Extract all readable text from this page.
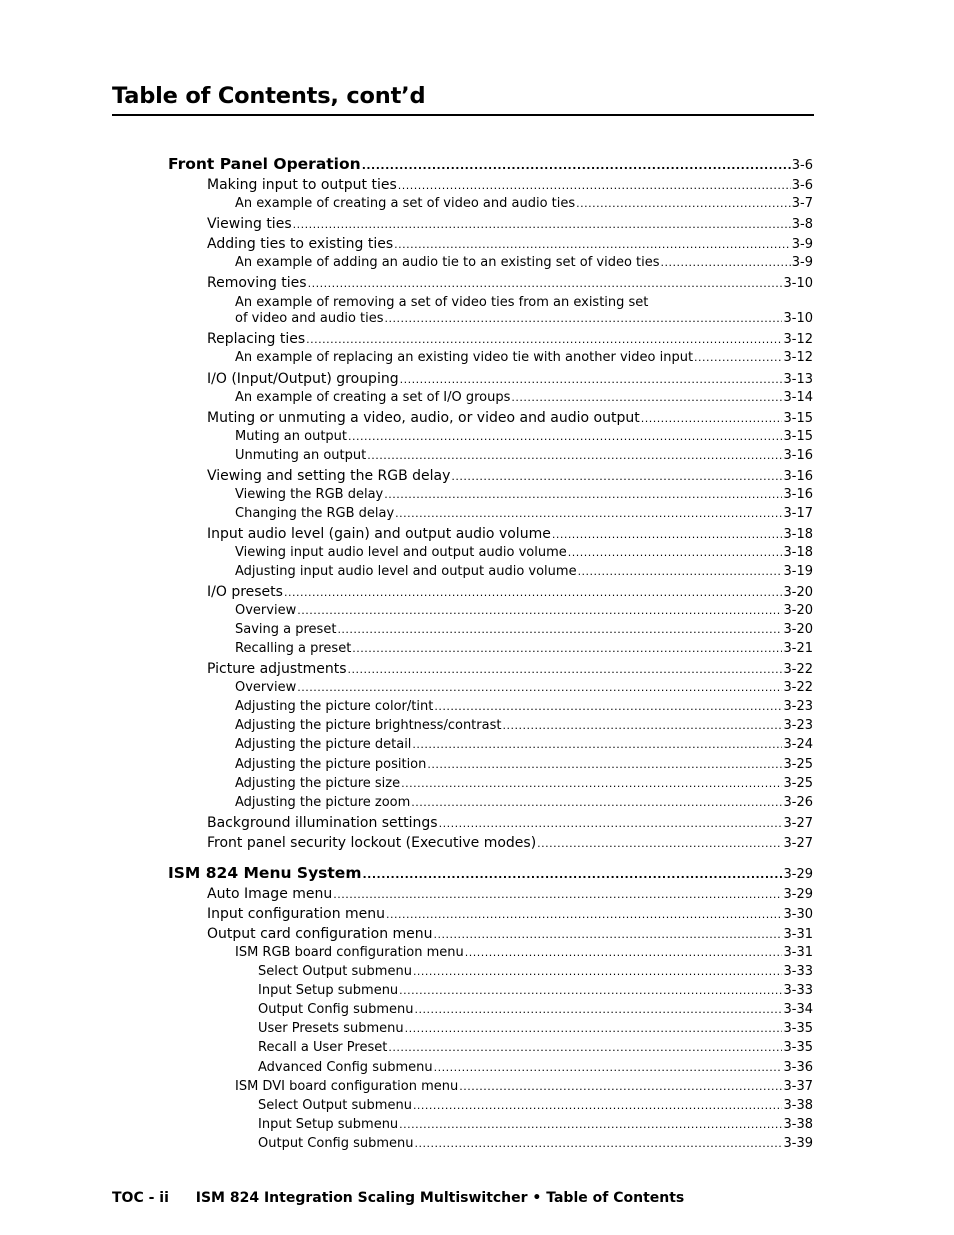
Table of Contents, cont’d
Front Panel Operation .....	3-6
Making input to output ties .....	3-6
An example of creating a set of video and audio ties .....	3-7
Viewing ties .....	3-8
Adding ties to existing ties .....	3-9
An example of adding an audio tie to an existing set of video ties .....	3-9
Removing ties .....	3-10
An example of removing a set of video ties from an existing set
of video and audio ties .....	3-10
Replacing ties .....	3-12
An example of replacing an existing video tie with another video input .....	3-12
I/O (Input/Output) grouping .....	3-13
An example of creating a set of I/O groups .....	3-14
Muting or unmuting a video, audio, or video and audio output .....	3-15
Muting an output .....	3-15
Unmuting an output .....	3-16
Viewing and setting the RGB delay .....	3-16
Viewing the RGB delay .....	3-16
Changing the RGB delay .....	3-17
Input audio level (gain) and output audio volume .....	3-18
Viewing input audio level and output audio volume .....	3-18
Adjusting input audio level and output audio volume .....	3-19
I/O presets .....	3-20
Overview .....	3-20
Saving a preset .....	3-20
Recalling a preset .....	3-21
Picture adjustments .....	3-22
Overview .....	3-22
Adjusting the picture color/tint .....	3-23
Adjusting the picture brightness/contrast .....	3-23
Adjusting the picture detail .....	3-24
Adjusting the picture position .....	3-25
Adjusting the picture size .....	3-25
Adjusting the picture zoom .....	3-26
Background illumination settings .....	3-27
Front panel security lockout (Executive modes) .....	3-27
ISM 824 Menu System .....	3-29
Auto Image menu .....	3-29
Input configuration menu .....	3-30
Output card configuration menu .....	3-31
ISM RGB board configuration menu .....	3-31
Select Output submenu .....	3-33
Input Setup submenu .....	3-33
Output Config submenu .....	3-34
User Presets submenu .....	3-35
Recall a User Preset .....	3-35
Advanced Config submenu .....	3-36
ISM DVI board configuration menu .....	3-37
Select Output submenu .....	3-38
Input Setup submenu .....	3-38
Output Config submenu .....	3-39
TOC - ii ISM 824 Integration Scaling Multiswitcher • Table of Contents
